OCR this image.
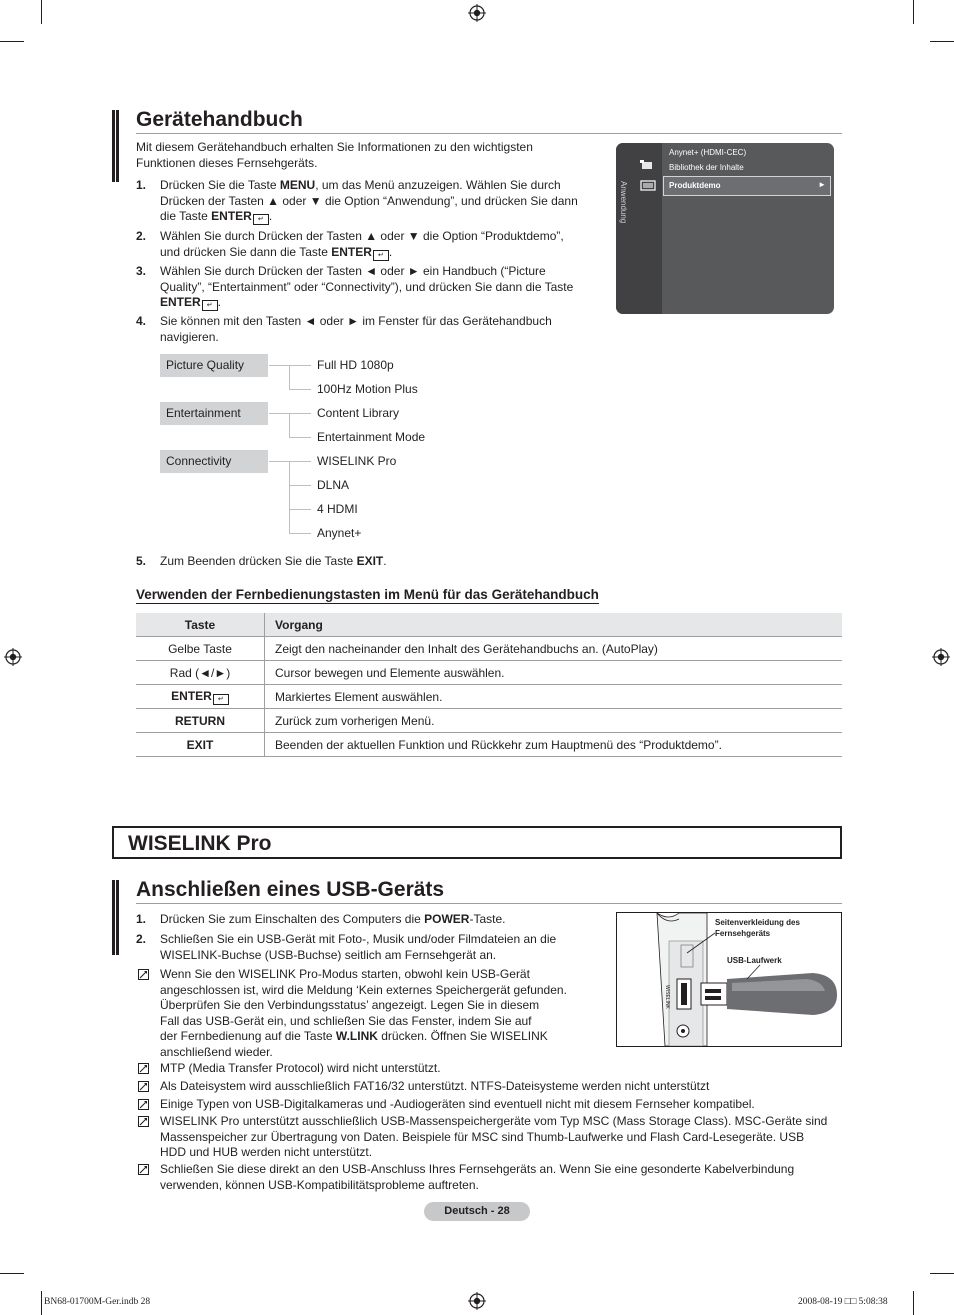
Gerätehandbuch

Mit diesem Gerätehandbuch erhalten Sie Informationen zu den wichtigsten Funktionen dieses Fernsehgeräts.

1. Drücken Sie die Taste MENU, um das Menü anzuzeigen. Wählen Sie durch
Drücken der Tasten ▲ oder ▼ die Option “Anwendung”, und drücken Sie dann
die Taste ENTER ↵ .
2. Wählen Sie durch Drücken der Tasten ▲ oder ▼ die Option “Produktdemo”,
und drücken Sie dann die Taste ENTER ↵ .
3. Wählen Sie durch Drücken der Tasten ◄ oder ► ein Handbuch (“Picture
Quality”, “Entertainment” oder “Connectivity”), und drücken Sie dann die Taste
ENTER ↵ .
4. Sie können mit den Tasten ◄ oder ► im Fenster für das Gerätehandbuch
navigieren.
Anwendung
Anynet+ (HDMI-CEC)
Bibliothek der Inhalte
Produktdemo	►
Picture Quality
Entertainment
Connectivity
Full HD 1080p
100Hz Motion Plus
Content Library
Entertainment Mode
WISELINK Pro
DLNA
4 HDMI
Anynet+
5. Zum Beenden drücken Sie die Taste EXIT.
Verwenden der Fernbedienungstasten im Menü für das Gerätehandbuch
Taste	Vorgang
Gelbe Taste	Zeigt den nacheinander den Inhalt des Gerätehandbuchs an. (AutoPlay)
Rad (◄/►)	Cursor bewegen und Elemente auswählen.
ENTER ↵	Markiertes Element auswählen.
RETURN	Zurück zum vorherigen Menü.
EXIT	Beenden der aktuellen Funktion und Rückkehr zum Hauptmenü des “Produktdemo”.
WISELINK Pro
Anschließen eines USB-Geräts
1. Drücken Sie zum Einschalten des Computers die POWER-Taste.
2. Schließen Sie ein USB-Gerät mit Foto-, Musik und/oder Filmdateien an die
WISELINK-Buchse (USB-Buchse) seitlich am Fernsehgerät an.
Wenn Sie den WISELINK Pro-Modus starten, obwohl kein USB-Gerät
angeschlossen ist, wird die Meldung ‘Kein externes Speichergerät gefunden.
Überprüfen Sie den Verbindungsstatus’ angezeigt. Legen Sie in diesem
Fall das USB-Gerät ein, und schließen Sie das Fenster, indem Sie auf
der Fernbedienung auf die Taste W.LINK drücken. Öffnen Sie WISELINK
anschließend wieder.
MTP (Media Transfer Protocol) wird nicht unterstützt.
Als Dateisystem wird ausschließlich FAT16/32 unterstützt. NTFS-Dateisysteme werden nicht unterstützt
Einige Typen von USB-Digitalkameras und -Audiogeräten sind eventuell nicht mit diesem Fernseher kompatibel.
WISELINK Pro unterstützt ausschließlich USB-Massenspeichergeräte vom Typ MSC (Mass Storage Class). MSC-Geräte sind
Massenspeicher zur Übertragung von Daten. Beispiele für MSC sind Thumb-Laufwerke und Flash Card-Lesegeräte. USB
HDD und HUB werden nicht unterstützt.
Schließen Sie diese direkt an den USB-Anschluss Ihres Fernsehgeräts an. Wenn Sie eine gesonderte Kabelverbindung
verwenden, können USB-Kompatibilitätsprobleme auftreten.
WISELINK
Seitenverkleidung des
Fernsehgeräts
USB-Laufwerk
Deutsch - 28
BN68-01700M-Ger.indb 28	2008-08-19 □□ 5:08:38
